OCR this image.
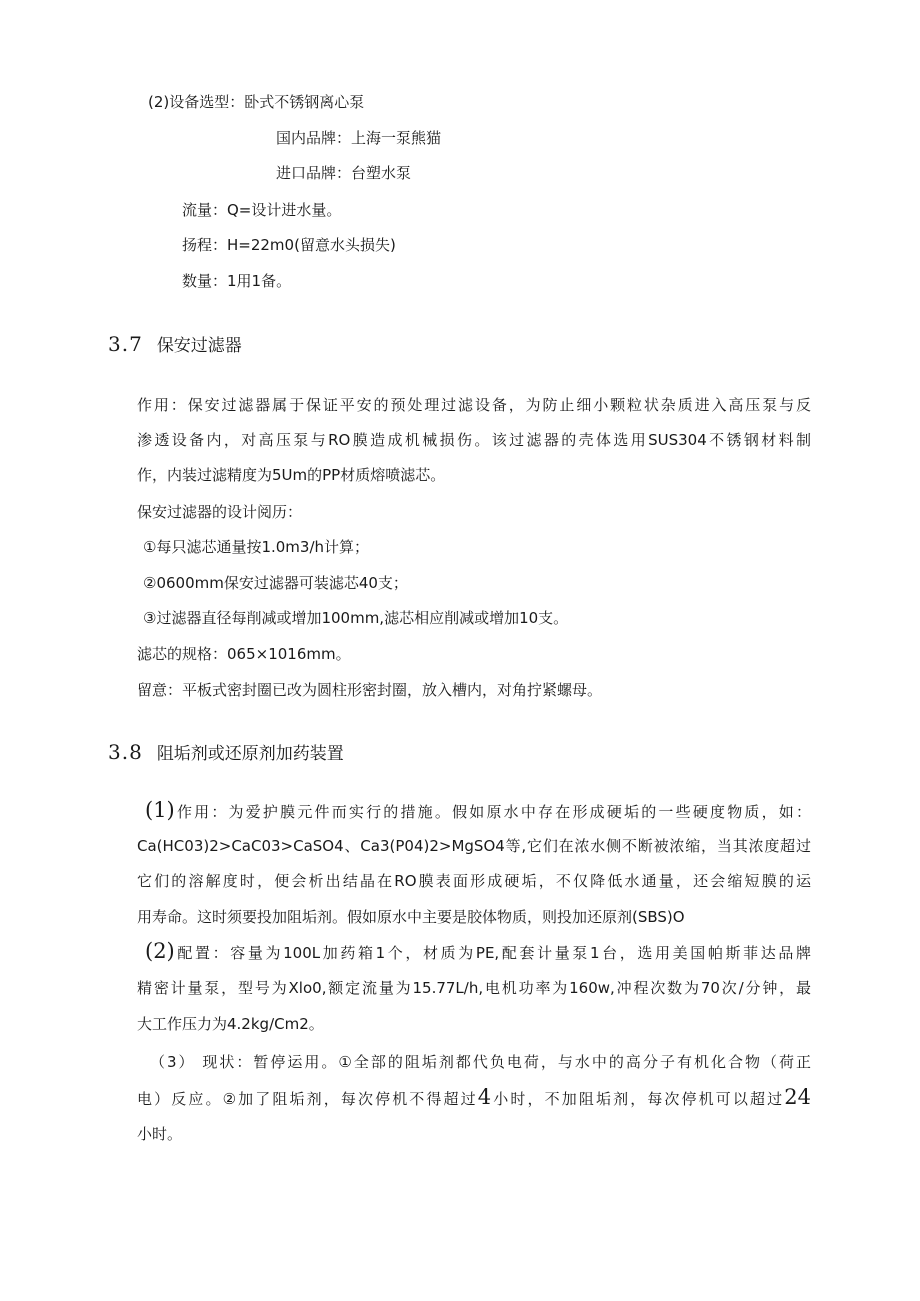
(2)设备选型：卧式不锈钢离心泵
国内品牌：上海一泵熊猫
进口品牌：台塑水泵
流量：Q=设计进水量。
扬程：H=22m0(留意水头损失)
数量：1用1备。
3.7 保安过滤器
作用：保安过滤器属于保证平安的预处理过滤设备，为防止细小颗粒状杂质进入高压泵与反
渗透设备内，对高压泵与RO膜造成机械损伤。该过滤器的壳体选用SUS304不锈钢材料制
作，内装过滤精度为5Um的PP材质熔喷滤芯。
保安过滤器的设计阅历：
①每只滤芯通量按1.0m3∕h计算；
②0600mm保安过滤器可装滤芯40支；
③过滤器直径每削减或增加100mm,滤芯相应削减或增加10支。
滤芯的规格：065×1016mm。
留意：平板式密封圈已改为圆柱形密封圈，放入槽内，对角拧紧螺母。
3.8 阻垢剂或还原剂加药装置
(1)作用：为爱护膜元件而实行的措施。假如原水中存在形成硬垢的一些硬度物质，如：
Ca(HC03)2>CaC03>CaSO4、Ca3(P04)2>MgSO4等,它们在浓水侧不断被浓缩，当其浓度超过
它们的溶解度时，便会析出结晶在RO膜表面形成硬垢，不仅降低水通量，还会缩短膜的运
用寿命。这时须要投加阻垢剂。假如原水中主要是胶体物质，则投加还原剂(SBS)O
(2)配置：容量为100L加药箱1个，材质为PE,配套计量泵1台，选用美国帕斯菲达品牌
精密计量泵，型号为Xlo0,额定流量为15.77L∕h,电机功率为160w,冲程次数为70次/分钟，最
大工作压力为4.2kg∕Cm2。
（3） 现状：暂停运用。①全部的阻垢剂都代负电荷，与水中的高分子有机化合物（荷正
电）反应。②加了阻垢剂，每次停机不得超过4小时，不加阻垢剂，每次停机可以超过24
小时。
